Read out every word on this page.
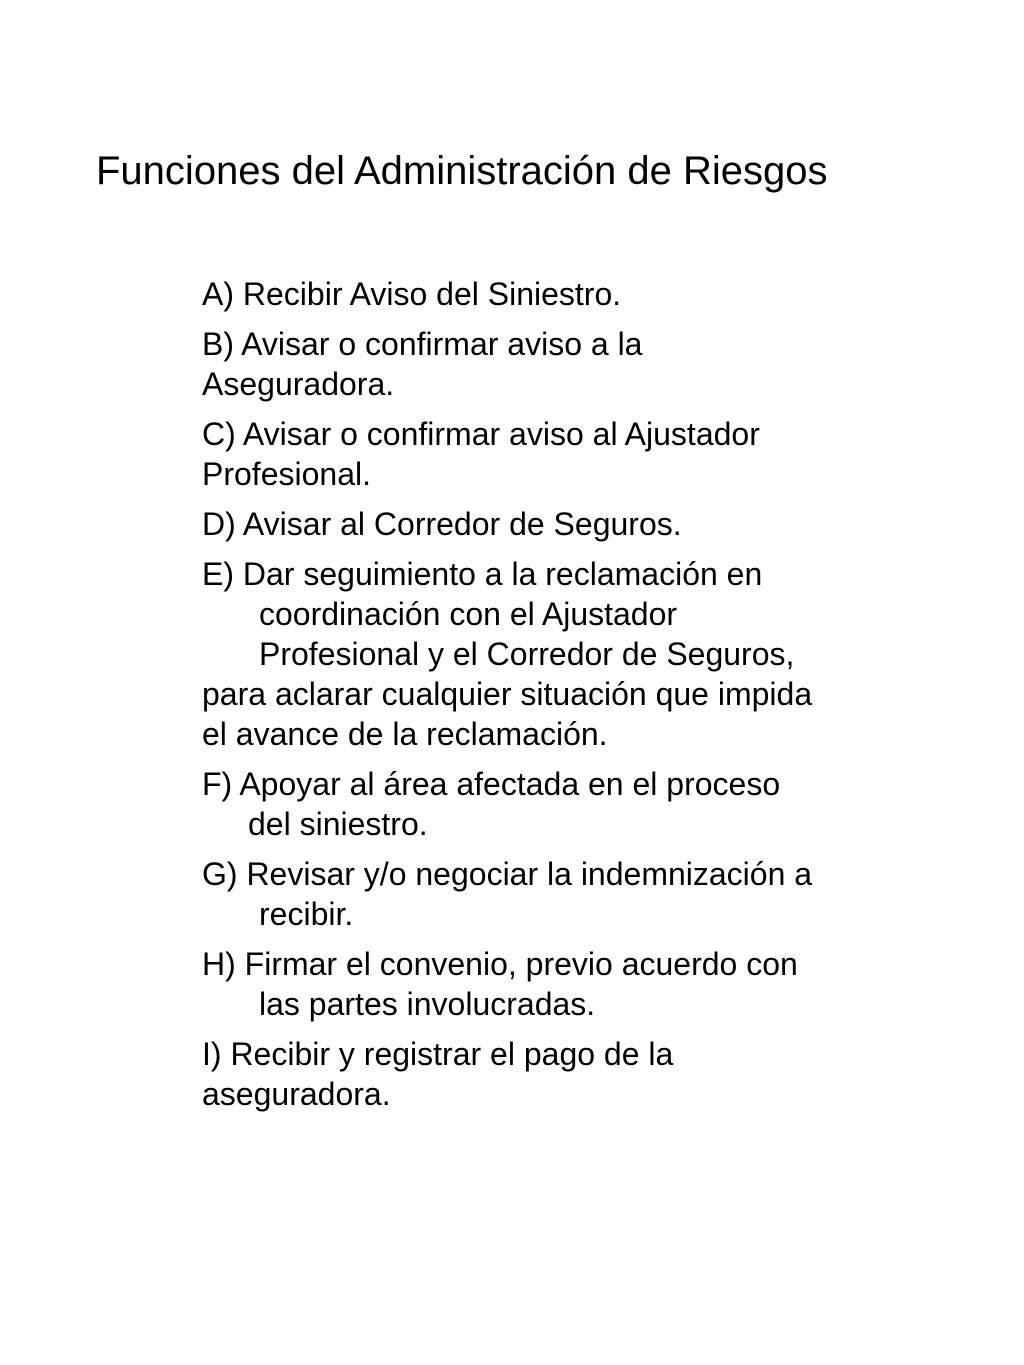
Funciones del Administración de Riesgos
A) Recibir Aviso del Siniestro.
B) Avisar o confirmar aviso a la
Aseguradora.
C) Avisar o confirmar aviso al Ajustador
Profesional.
D) Avisar al Corredor de Seguros.
E) Dar seguimiento a la reclamación en
coordinación con el Ajustador
Profesional y el Corredor de Seguros,
para aclarar cualquier situación que impida
el avance de la reclamación.
F) Apoyar al área afectada en el proceso
del siniestro.
G) Revisar y/o negociar la indemnización a
recibir.
H) Firmar el convenio, previo acuerdo con
las partes involucradas.
I) Recibir y registrar el pago de la
aseguradora.
